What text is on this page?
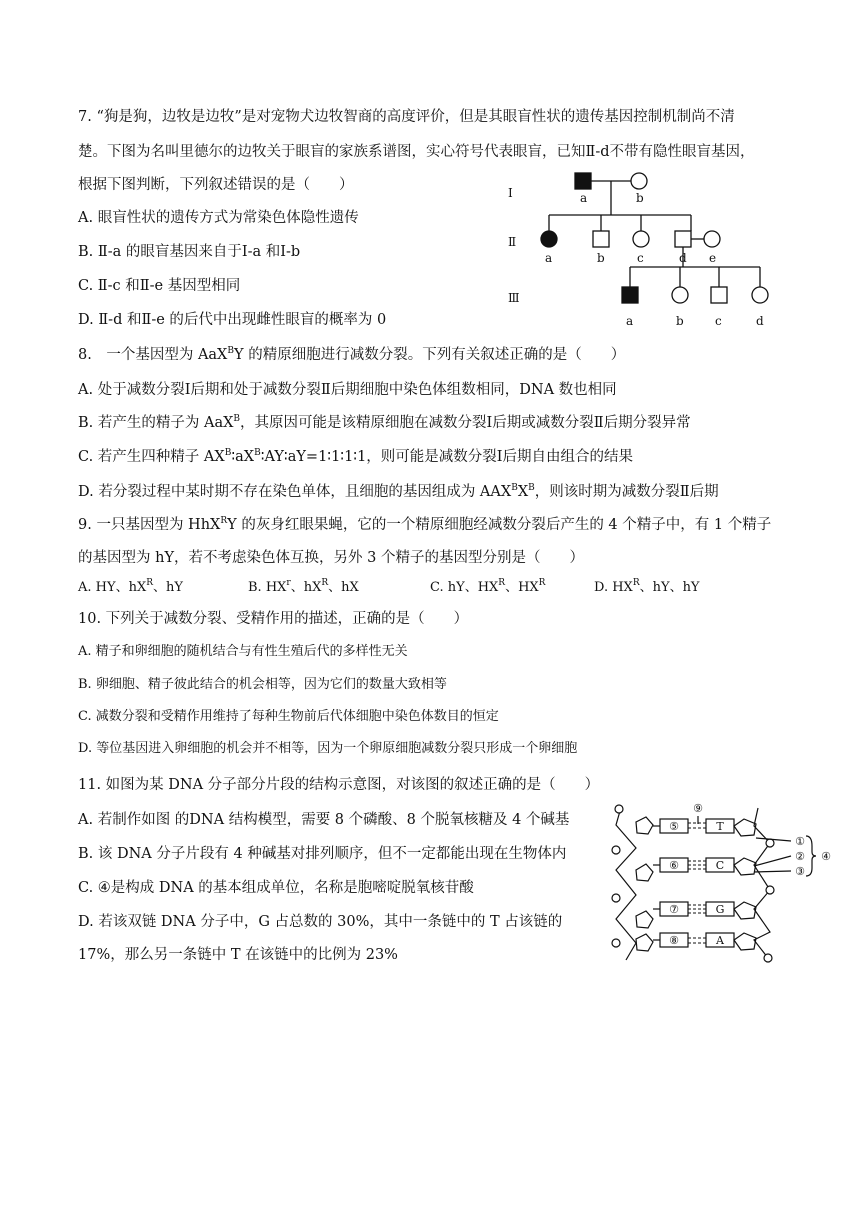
7. “狗是狗，边牧是边牧”是对宠物犬边牧智商的高度评价，但是其眼盲性状的遗传基因控制机制尚不清
楚。下图为名叫里德尔的边牧关于眼盲的家族系谱图，实心符号代表眼盲，已知Ⅱ-d不带有隐性眼盲基因，
根据下图判断，下列叙述错误的是（　　）
A. 眼盲性状的遗传方式为常染色体隐性遗传
B. Ⅱ-a 的眼盲基因来自于Ⅰ-a 和Ⅰ-b
C. Ⅱ-c 和Ⅱ-e 基因型相同
D. Ⅱ-d 和Ⅱ-e 的后代中出现雌性眼盲的概率为 0
Ⅰ
Ⅱ
Ⅲ
a	b
a	b	c	d e
a	b	c	d
8.　一个基因型为 AaX$^B$Y 的精原细胞进行减数分裂。下列有关叙述正确的是（　　）
A. 处于减数分裂Ⅰ后期和处于减数分裂Ⅱ后期细胞中染色体组数相同，DNA 数也相同
B. 若产生的精子为 AaX$^B$，其原因可能是该精原细胞在减数分裂Ⅰ后期或减数分裂Ⅱ后期分裂异常
C. 若产生四种精子 $AX^B∶aX^B∶AY∶aY=1∶1∶1∶1$，则可能是减数分裂Ⅰ后期自由组合的结果
D. 若分裂过程中某时期不存在染色单体，且细胞的基因组成为 $AAX^BX^B$，则该时期为减数分裂Ⅱ后期
9. 一只基因型为 HhX$^R$Y 的灰身红眼果蝇，它的一个精原细胞经减数分裂后产生的 4 个精子中，有 1 个精子
的基因型为 hY，若不考虑染色体互换，另外 3 个精子的基因型分别是（　　）
A. HY、$hX^R$、hY	B. $HX^r$、$hX^R$、hX	C. hY、$HX^R$、$HX^R$	D. $HX^R$、hY、hY
10. 下列关于减数分裂、受精作用的描述，正确的是（　　）
A. 精子和卵细胞的随机结合与有性生殖后代的多样性无关
B. 卵细胞、精子彼此结合的机会相等，因为它们的数量大致相等
C. 减数分裂和受精作用维持了每种生物前后代体细胞中染色体数目的恒定
D. 等位基因进入卵细胞的机会并不相等，因为一个卵原细胞减数分裂只形成一个卵细胞
11. 如图为某 DNA 分子部分片段的结构示意图，对该图的叙述正确的是（　　）
A. 若制作如图 的DNA 结构模型，需要 8 个磷酸、8 个脱氧核糖及 4 个碱基
B. 该 DNA 分子片段有 4 种碱基对排列顺序，但不一定都能出现在生物体内
C. ④是构成 DNA 的基本组成单位，名称是胞嘧啶脱氧核苷酸
D. 若该双链 DNA 分子中，G 占总数的 30%，其中一条链中的 T 占该链的
17%，那么另一条链中 T 在该链中的比例为 23%
⑤
⑥
⑦
⑧
T
C
G
A
⑨
①
②
③
④
